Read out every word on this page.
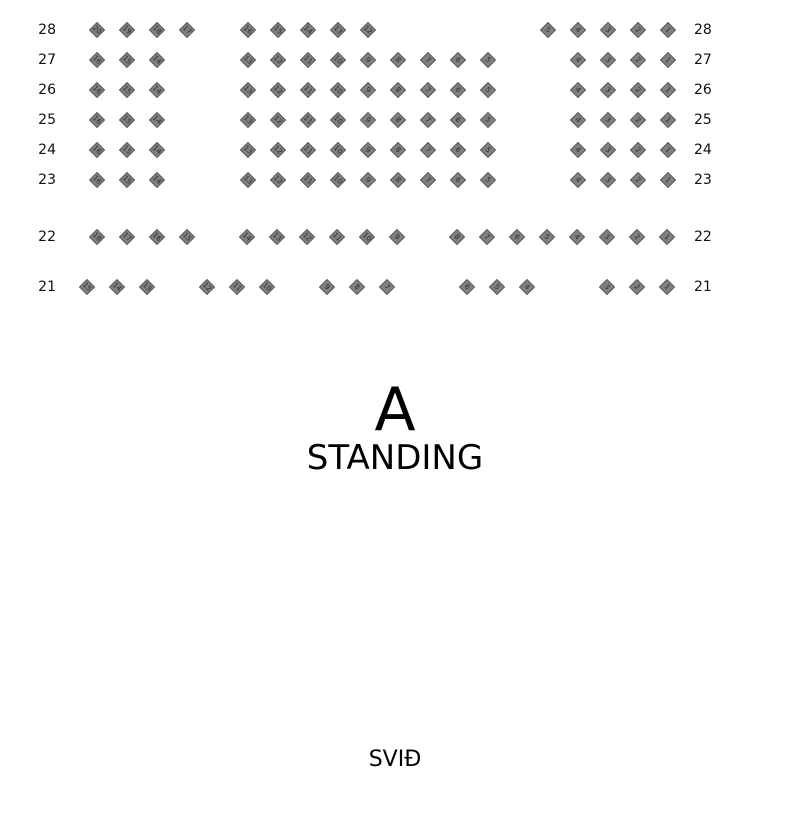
28	28
20	19	18	17	16	15	14	13	12	5	4	3	2	1
27	27
16	15	14	13	12	11	10	9	8	7	6	5	4	3	2	1
26	26
16	15	14	13	12	11	10	9	8	7	6	5	4	3	2	1
25	25
16	15	14	13	12	11	10	9	8	7	6	5	4	3	2	1
24	24
16	15	14	13	12	11	10	9	8	7	6	5	4	3	2	1
23	23
16	15	14	13	12	11	10	9	8	7	6	5	4	3	2	1
22	22
18	17	16	15	14	13	12	11	10	9	8	7	6	5	4	3	2	1
21	21
15	14	13	12	11	10	9	8	7	6	5	4	3	2	1
A
STANDING
SVIÐ
